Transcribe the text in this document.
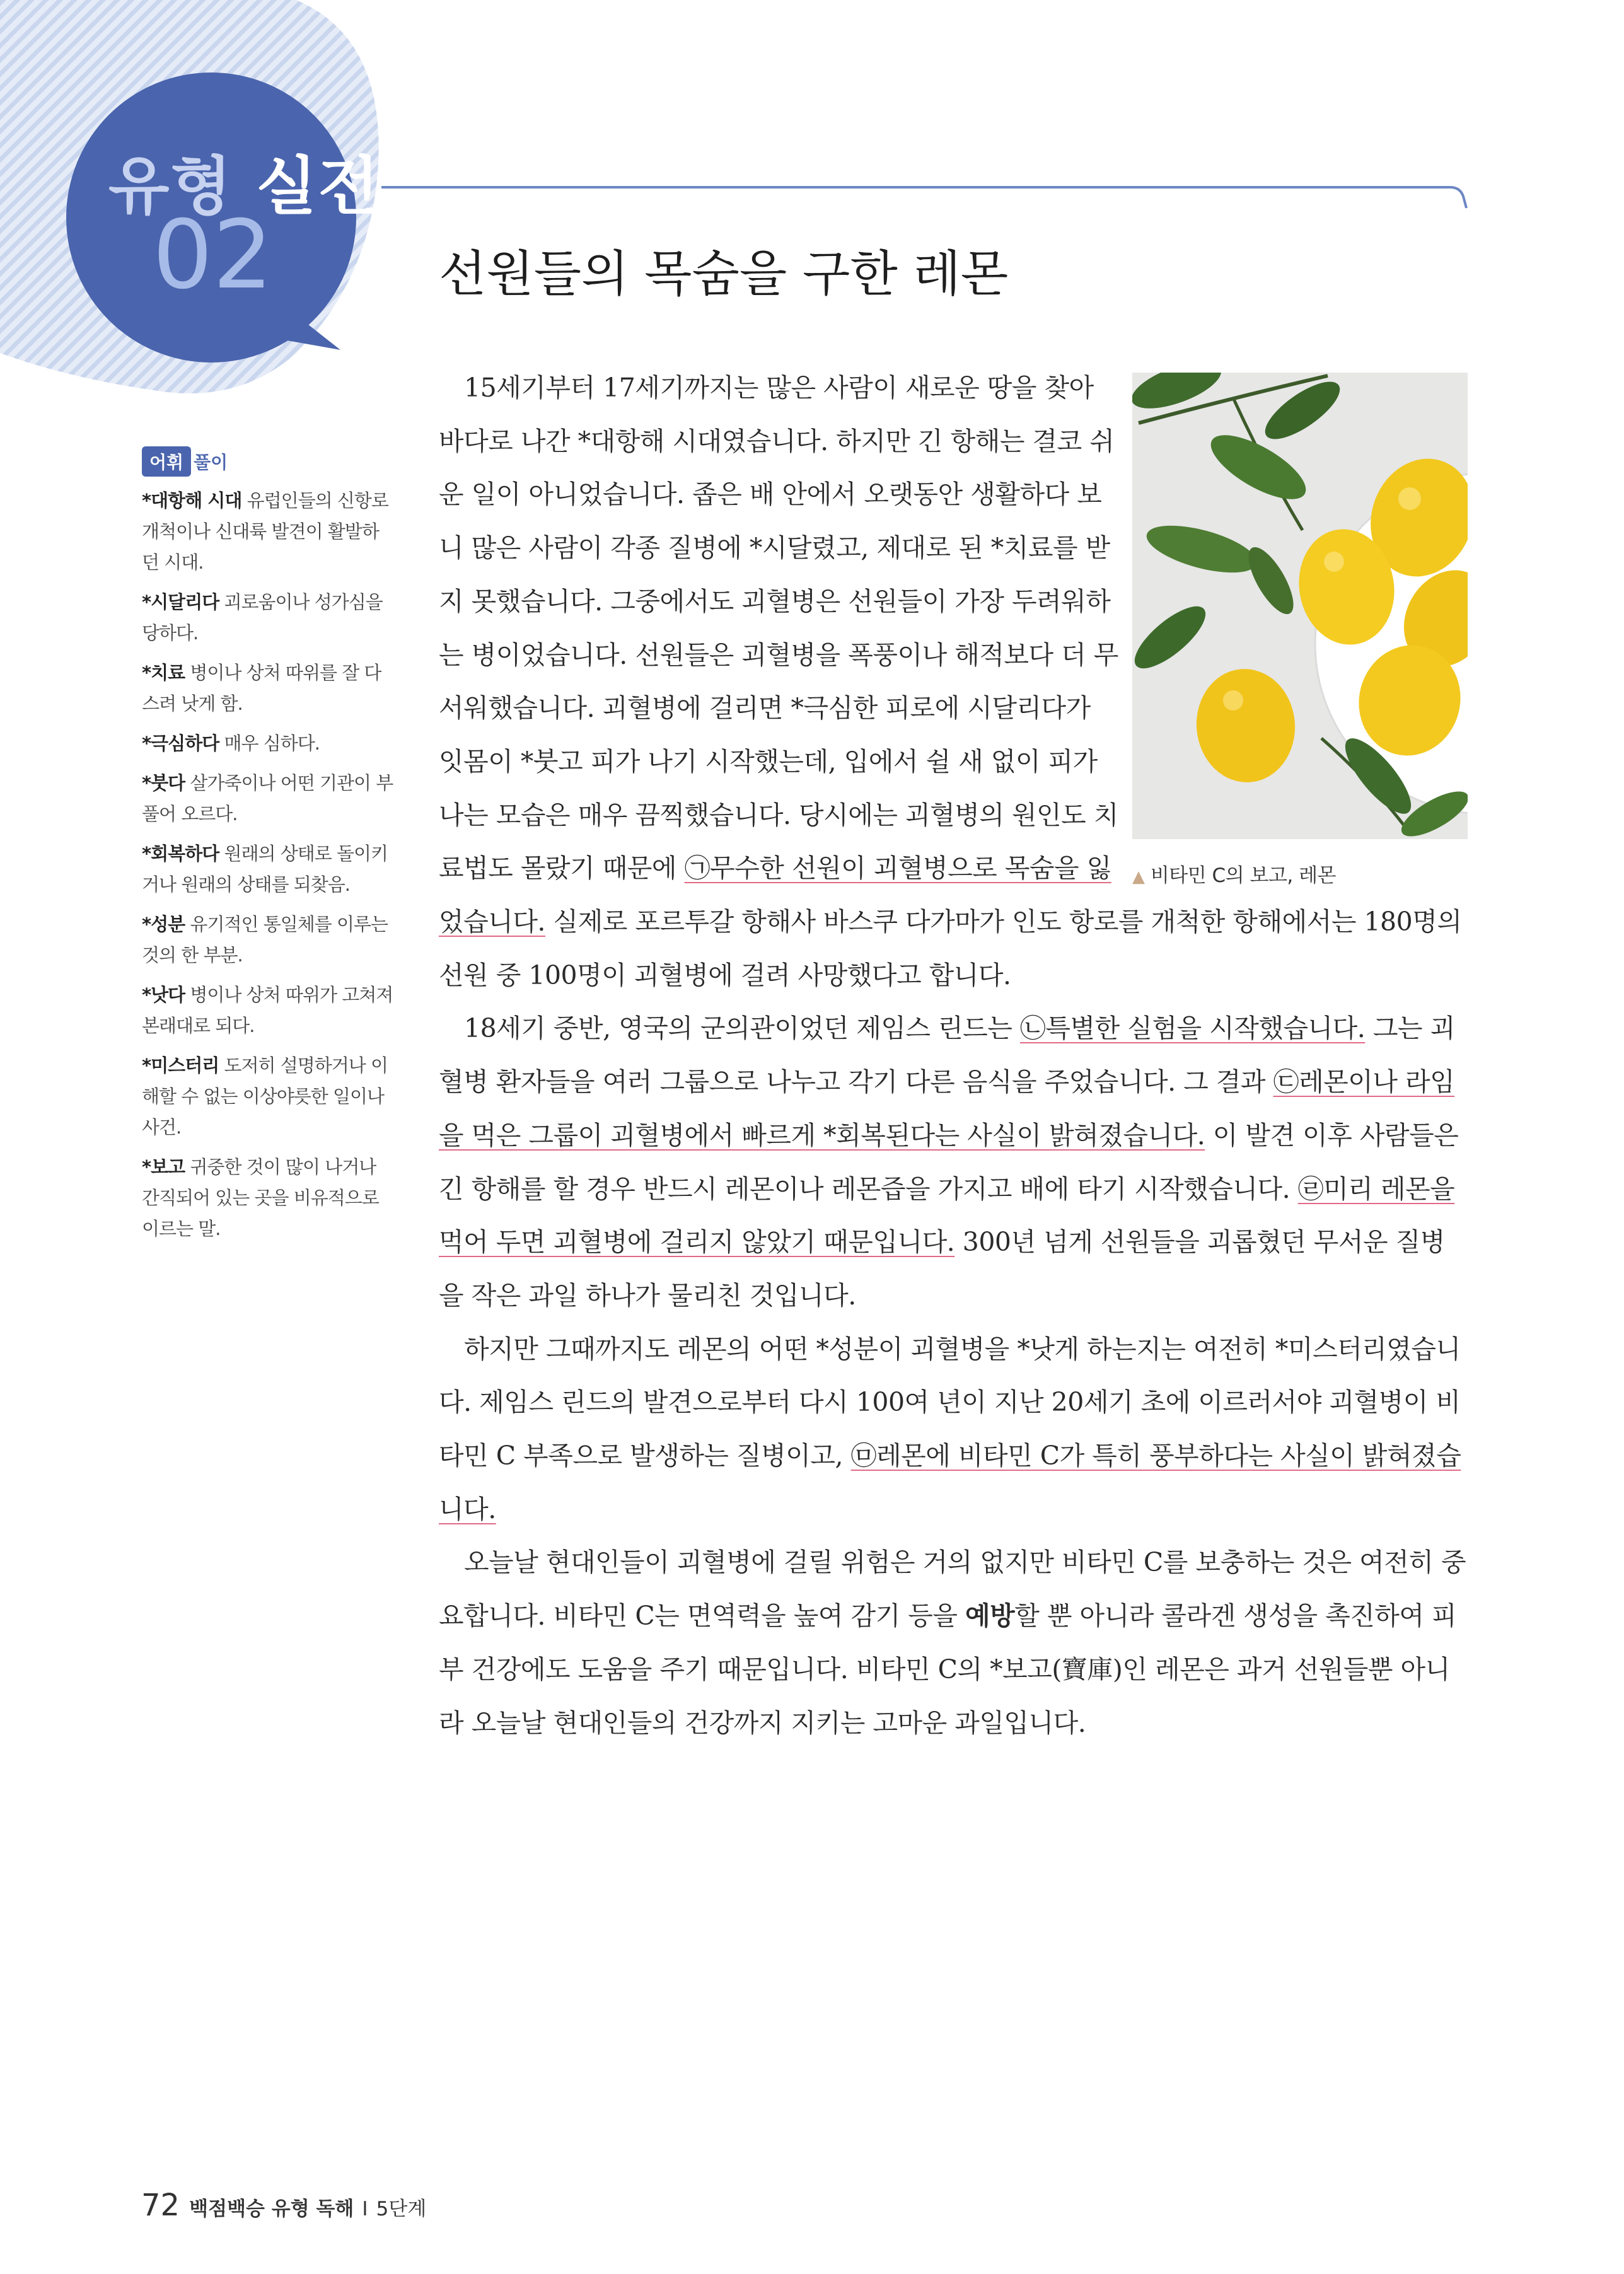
유형 실전
02	선원들의 목숨을 구한 레몬
어휘 풀이
*대항해 시대 유럽인들의 신항로 개척이나 신대륙 발견이 활발하던 시대.
*시달리다 괴로움이나 성가심을 당하다.
*치료 병이나 상처 따위를 잘 다스려 낫게 함.
*극심하다 매우 심하다.
*붓다 살가죽이나 어떤 기관이 부풀어 오르다.
*회복하다 원래의 상태로 돌이키거나 원래의 상태를 되찾음.
*성분 유기적인 통일체를 이루는 것의 한 부분.
*낫다 병이나 상처 따위가 고쳐져 본래대로 되다.
*미스터리 도저히 설명하거나 이해할 수 없는 이상야릇한 일이나 사건.
*보고 귀중한 것이 많이 나거나 간직되어 있는 곳을 비유적으로 이르는 말.
▲ 비타민 C의 보고, 레몬

15세기부터 17세기까지는 많은 사람이 새로운 땅을 찾아 바다로 나간 *대항해 시대였습니다. 하지만 긴 항해는 결코 쉬운 일이 아니었습니다. 좁은 배 안에서 오랫동안 생활하다 보니 많은 사람이 각종 질병에 *시달렸고, 제대로 된 *치료를 받지 못했습니다. 그중에서도 괴혈병은 선원들이 가장 두려워하는 병이었습니다. 선원들은 괴혈병을 폭풍이나 해적보다 더 무서워했습니다. 괴혈병에 걸리면 *극심한 피로에 시달리다가 잇몸이 *붓고 피가 나기 시작했는데, 입에서 쉴 새 없이 피가 나는 모습은 매우 끔찍했습니다. 당시에는 괴혈병의 원인도 치료법도 몰랐기 때문에 ㉠무수한 선원이 괴혈병으로 목숨을 잃었습니다. 실제로 포르투갈 항해사 바스쿠 다가마가 인도 항로를 개척한 항해에서는 180명의 선원 중 100명이 괴혈병에 걸려 사망했다고 합니다.

18세기 중반, 영국의 군의관이었던 제임스 린드는 ㉡특별한 실험을 시작했습니다. 그는 괴혈병 환자들을 여러 그룹으로 나누고 각기 다른 음식을 주었습니다. 그 결과 ㉢레몬이나 라임을 먹은 그룹이 괴혈병에서 빠르게 *회복된다는 사실이 밝혀졌습니다. 이 발견 이후 사람들은 긴 항해를 할 경우 반드시 레몬이나 레몬즙을 가지고 배에 타기 시작했습니다. ㉣미리 레몬을 먹어 두면 괴혈병에 걸리지 않았기 때문입니다. 300년 넘게 선원들을 괴롭혔던 무서운 질병을 작은 과일 하나가 물리친 것입니다.

하지만 그때까지도 레몬의 어떤 *성분이 괴혈병을 *낫게 하는지는 여전히 *미스터리였습니다. 제임스 린드의 발견으로부터 다시 100여 년이 지난 20세기 초에 이르러서야 괴혈병이 비타민 C 부족으로 발생하는 질병이고, ㉤레몬에 비타민 C가 특히 풍부하다는 사실이 밝혀졌습니다.

오늘날 현대인들이 괴혈병에 걸릴 위험은 거의 없지만 비타민 C를 보충하는 것은 여전히 중요합니다. 비타민 C는 면역력을 높여 감기 등을 예방할 뿐 아니라 콜라겐 생성을 촉진하여 피부 건강에도 도움을 주기 때문입니다. 비타민 C의 *보고(寶庫)인 레몬은 과거 선원들뿐 아니라 오늘날 현대인들의 건강까지 지키는 고마운 과일입니다.

72 백점백승 유형 독해 I 5단계
